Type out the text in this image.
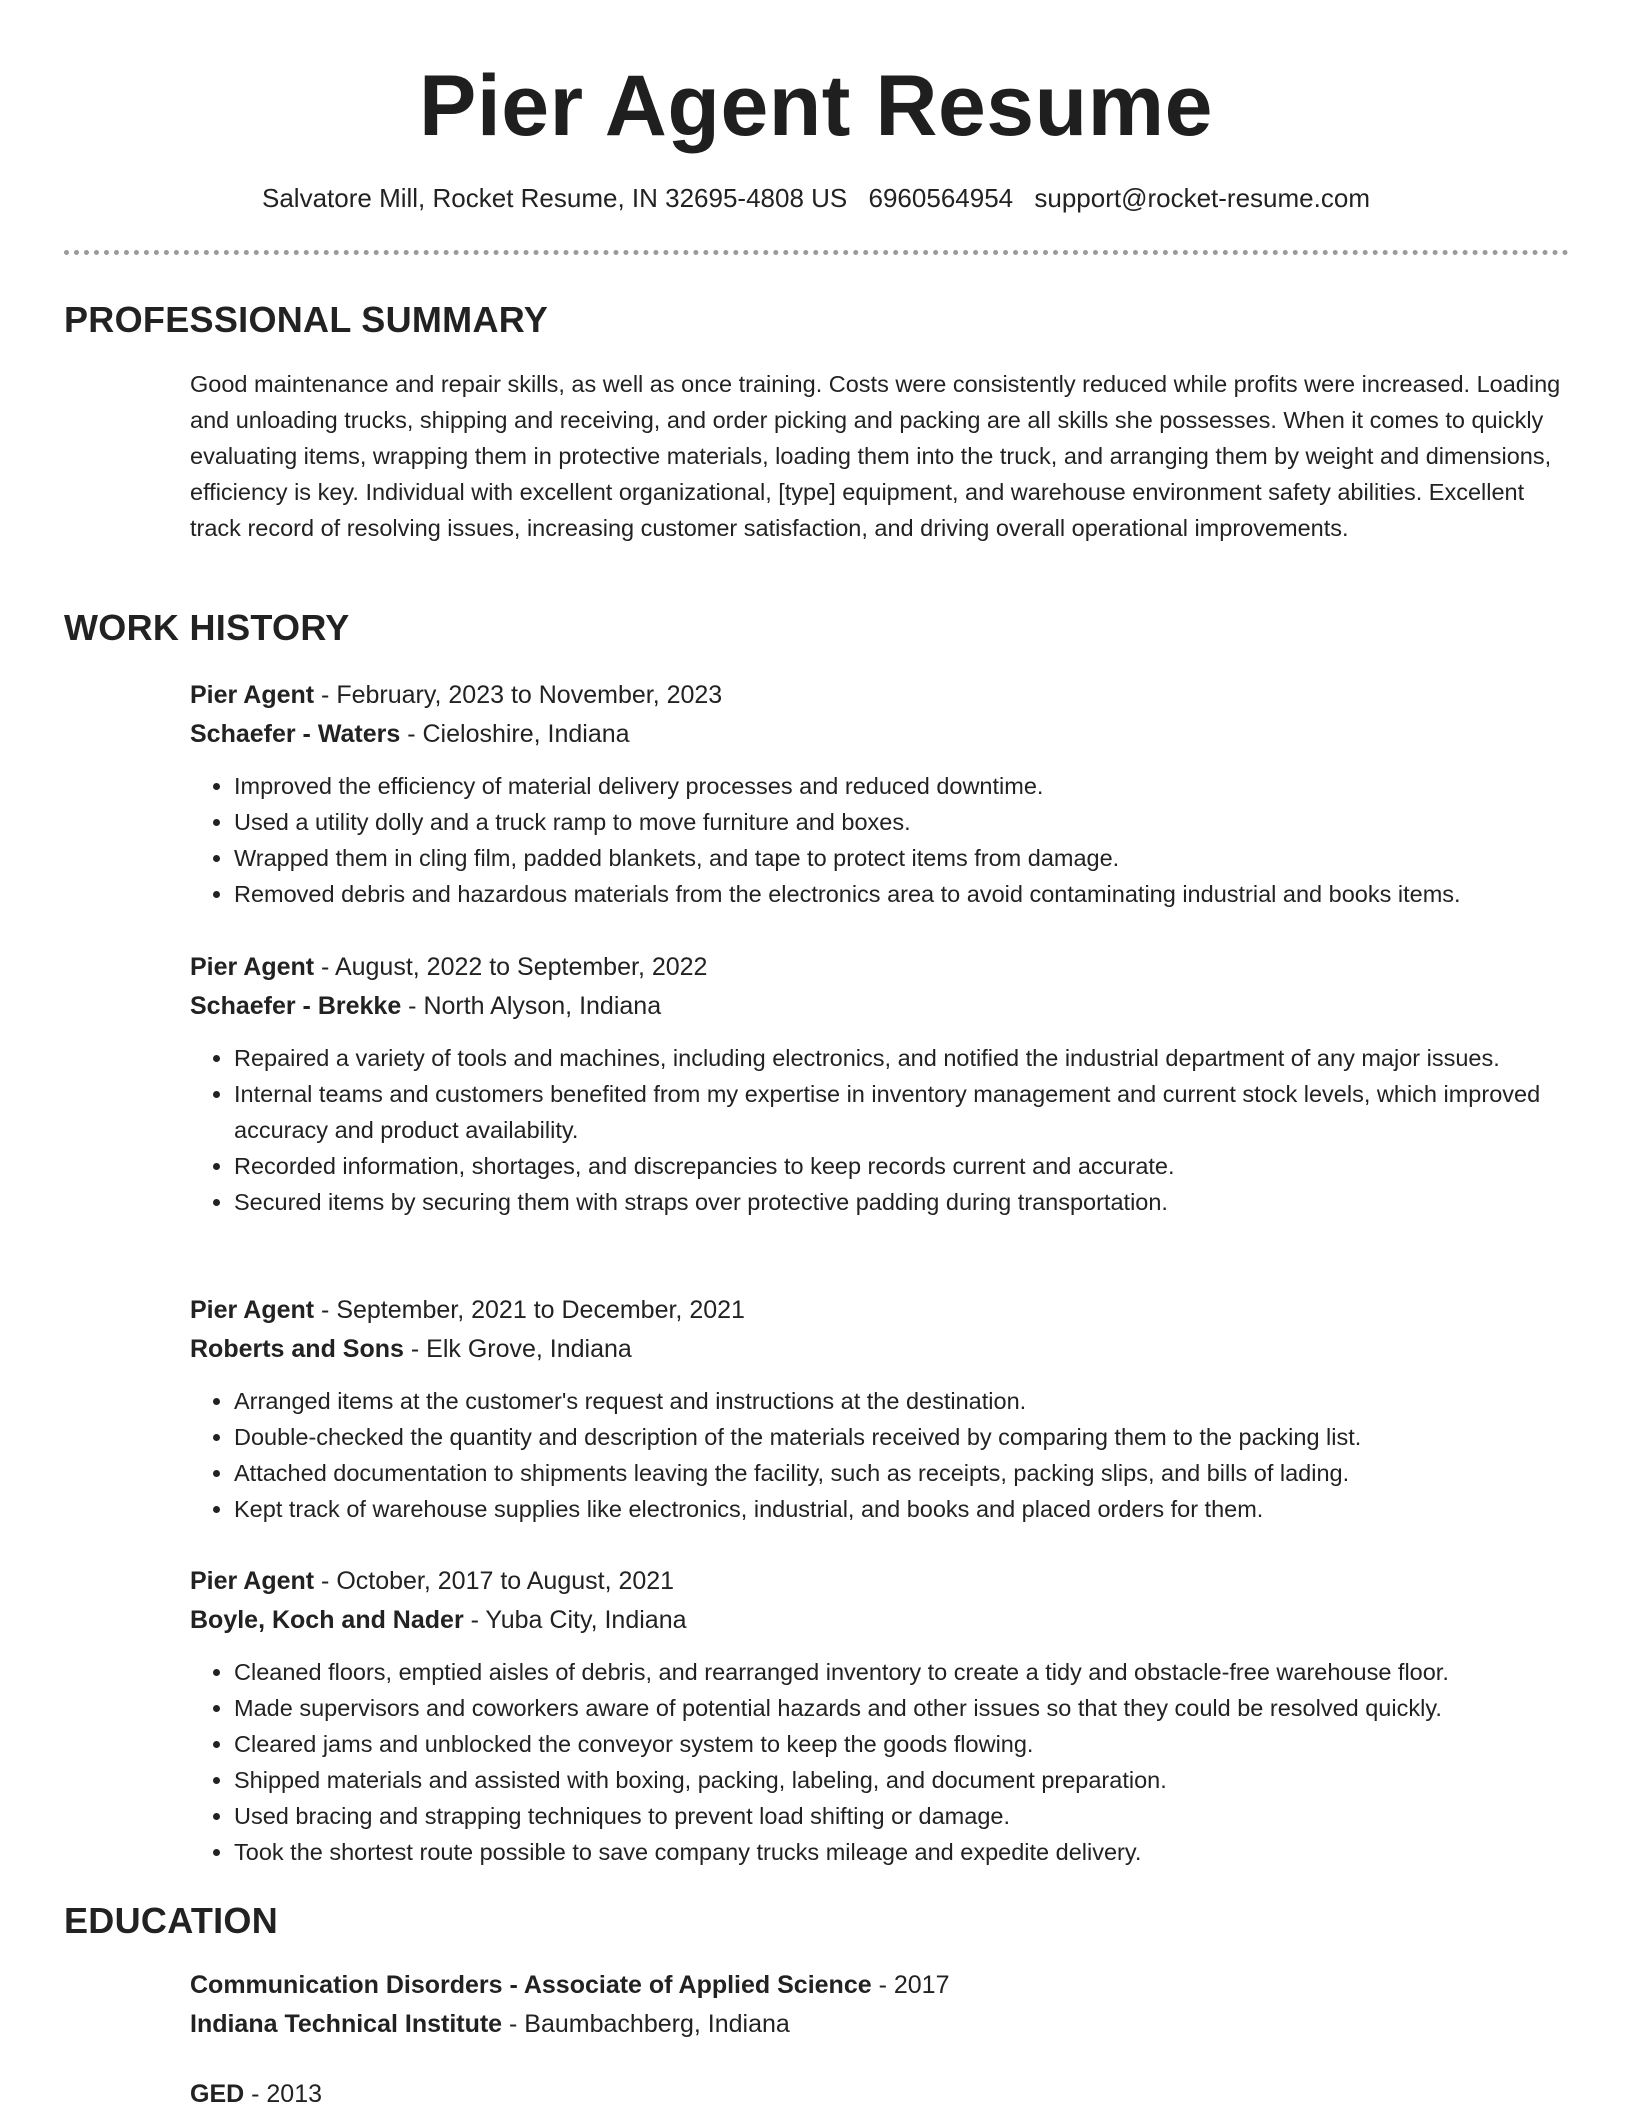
Pier Agent Resume
Salvatore Mill, Rocket Resume, IN 32695-4808 US 6960564954 support@rocket-resume.com
PROFESSIONAL SUMMARY
Good maintenance and repair skills, as well as once training. Costs were consistently reduced while profits were increased. Loading and unloading trucks, shipping and receiving, and order picking and packing are all skills she possesses. When it comes to quickly evaluating items, wrapping them in protective materials, loading them into the truck, and arranging them by weight and dimensions, efficiency is key. Individual with excellent organizational, [type] equipment, and warehouse environment safety abilities. Excellent track record of resolving issues, increasing customer satisfaction, and driving overall operational improvements.
WORK HISTORY
Pier Agent - February, 2023 to November, 2023
Schaefer - Waters - Cieloshire, Indiana
• Improved the efficiency of material delivery processes and reduced downtime.
• Used a utility dolly and a truck ramp to move furniture and boxes.
• Wrapped them in cling film, padded blankets, and tape to protect items from damage.
• Removed debris and hazardous materials from the electronics area to avoid contaminating industrial and books items.
Pier Agent - August, 2022 to September, 2022
Schaefer - Brekke - North Alyson, Indiana
• Repaired a variety of tools and machines, including electronics, and notified the industrial department of any major issues.
• Internal teams and customers benefited from my expertise in inventory management and current stock levels, which improved accuracy and product availability.
• Recorded information, shortages, and discrepancies to keep records current and accurate.
• Secured items by securing them with straps over protective padding during transportation.
Pier Agent - September, 2021 to December, 2021
Roberts and Sons - Elk Grove, Indiana
• Arranged items at the customer's request and instructions at the destination.
• Double-checked the quantity and description of the materials received by comparing them to the packing list.
• Attached documentation to shipments leaving the facility, such as receipts, packing slips, and bills of lading.
• Kept track of warehouse supplies like electronics, industrial, and books and placed orders for them.
Pier Agent - October, 2017 to August, 2021
Boyle, Koch and Nader - Yuba City, Indiana
• Cleaned floors, emptied aisles of debris, and rearranged inventory to create a tidy and obstacle-free warehouse floor.
• Made supervisors and coworkers aware of potential hazards and other issues so that they could be resolved quickly.
• Cleared jams and unblocked the conveyor system to keep the goods flowing.
• Shipped materials and assisted with boxing, packing, labeling, and document preparation.
• Used bracing and strapping techniques to prevent load shifting or damage.
• Took the shortest route possible to save company trucks mileage and expedite delivery.
EDUCATION
Communication Disorders - Associate of Applied Science - 2017
Indiana Technical Institute - Baumbachberg, Indiana
GED - 2013
